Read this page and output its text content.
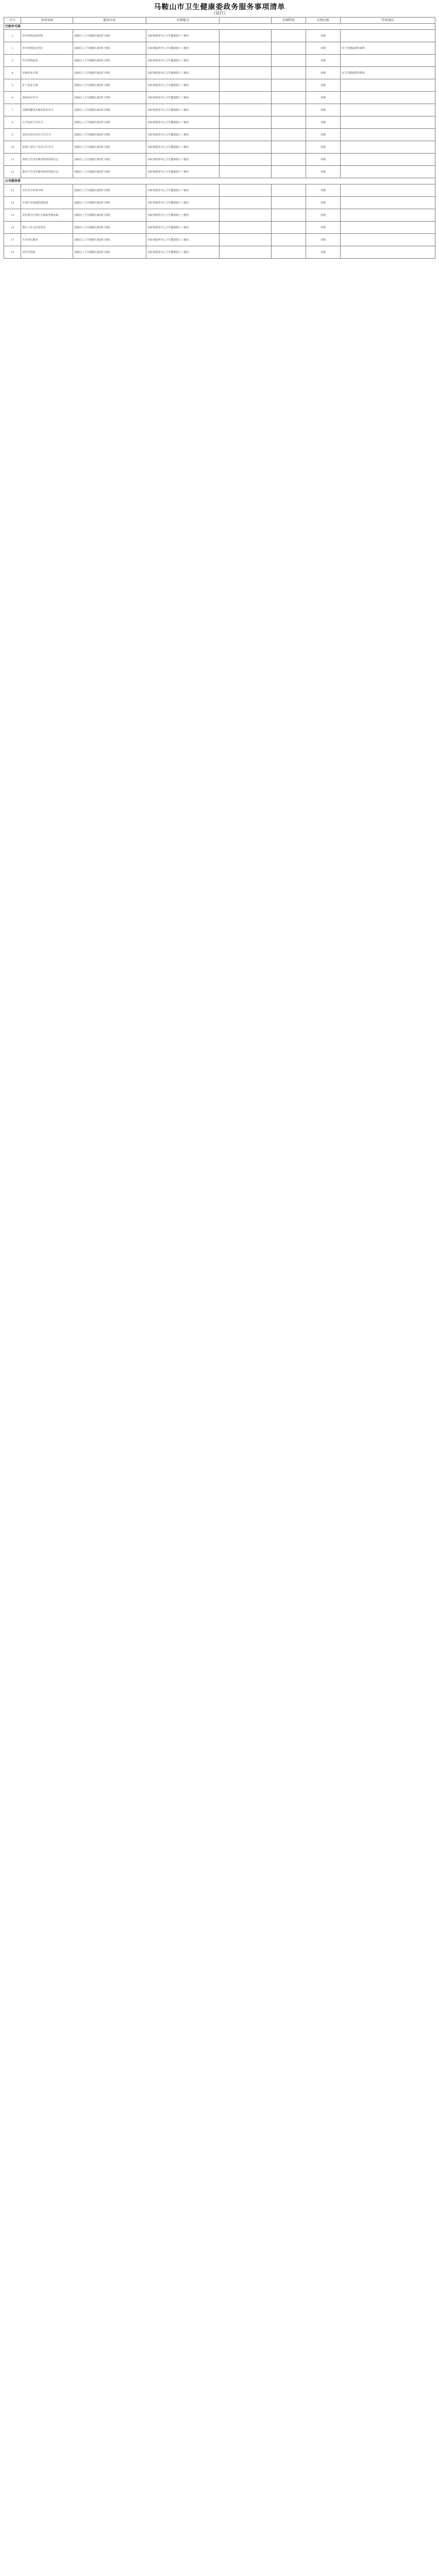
马鞍山市卫生健康委政务服务事项清单
（试行）
序号	事项名称	服务内容	办理地点		办理时间	办理层级	咨询电话
行政许可类							
1	医疗机构设置审批	县级以上卫生健康行政部门审批	市政务服务中心卫生健康窗口（地址：			市级	
2	医疗机构执业登记	县级以上卫生健康行政部门审批	市政务服务中心卫生健康窗口（地址：			市级	市卫生健康委医政科
3	医疗机构校验	县级以上卫生健康行政部门审批	市政务服务中心卫生健康窗口（地址：			市级	
4	医师执业注册	县级以上卫生健康行政部门审批	市政务服务中心卫生健康窗口（地址：			市级	市卫生健康委医政科
5	护士执业注册	县级以上卫生健康行政部门审批	市政务服务中心卫生健康窗口（地址：			市级	
6	放射诊疗许可	县级以上卫生健康行政部门审批	市政务服务中心卫生健康窗口（地址：			市级	
7	母婴保健技术服务执业许可	县级以上卫生健康行政部门审批	市政务服务中心卫生健康窗口（地址：			市级	
8	公共场所卫生许可	县级以上卫生健康行政部门审批	市政务服务中心卫生健康窗口（地址：			市级	
9	饮用水供水单位卫生许可	县级以上卫生健康行政部门审批	市政务服务中心卫生健康窗口（地址：			市级	
10	消毒产品生产企业卫生许可	县级以上卫生健康行政部门审批	市政务服务中心卫生健康窗口（地址：			市级	
11	放射卫生技术服务机构资质认定	县级以上卫生健康行政部门审批	市政务服务中心卫生健康窗口（地址：			市级	
12	职业卫生技术服务机构资质认定	县级以上卫生健康行政部门审批	市政务服务中心卫生健康窗口（地址：			市级	
公共服务类							
13	出生医学证明办理	县级以上卫生健康行政部门审批	市政务服务中心卫生健康窗口（地址：			市级	
14	计划生育家庭特别扶助	县级以上卫生健康行政部门审批	市政务服务中心卫生健康窗口（地址：			市级	
15	农村部分计划生育家庭奖励扶助	县级以上卫生健康行政部门审批	市政务服务中心卫生健康窗口（地址：			市级	
16	独生子女父母光荣证	县级以上卫生健康行政部门审批	市政务服务中心卫生健康窗口（地址：			市级	
17	生育登记服务	县级以上卫生健康行政部门审批	市政务服务中心卫生健康窗口（地址：			市级	
18	再生育审批	县级以上卫生健康行政部门审批	市政务服务中心卫生健康窗口（地址：			市级	
